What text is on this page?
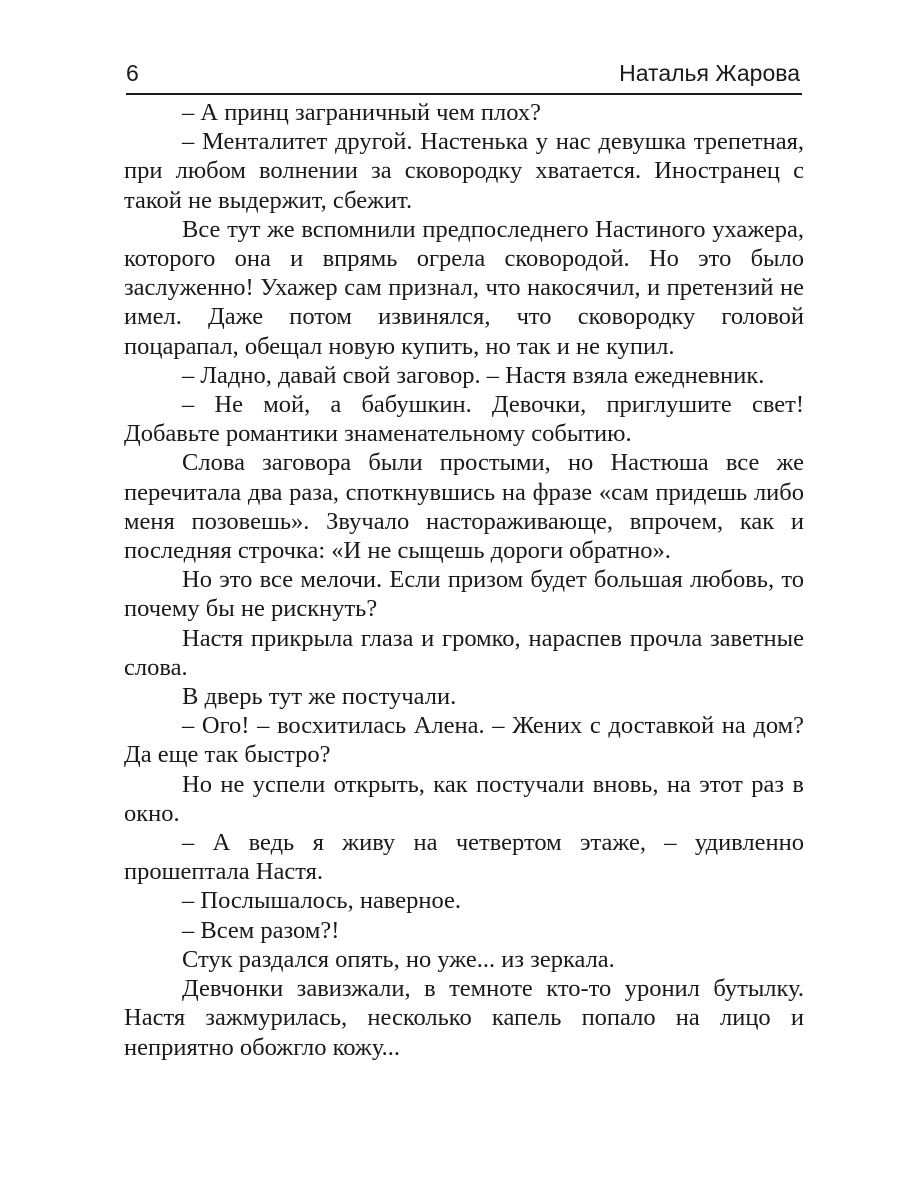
6	Наталья Жарова

– А принц заграничный чем плох?

– Менталитет другой. Настенька у нас девушка трепетная, при любом волнении за сковородку хватается. Иностранец с такой не выдержит, сбежит.

Все тут же вспомнили предпоследнего Настиного ухажера, которого она и впрямь огрела сковородой. Но это было заслуженно! Ухажер сам признал, что накосячил, и претензий не имел. Даже потом извинялся, что сковородку головой поцарапал, обещал новую купить, но так и не купил.

– Ладно, давай свой заговор. – Настя взяла ежедневник.

– Не мой, а бабушкин. Девочки, приглушите свет! Добавьте романтики знаменательному событию.

Слова заговора были простыми, но Настюша все же перечитала два раза, споткнувшись на фразе «сам придешь либо меня позовешь». Звучало настораживающе, впрочем, как и последняя строчка: «И не сыщешь дороги обратно».

Но это все мелочи. Если призом будет большая любовь, то почему бы не рискнуть?

Настя прикрыла глаза и громко, нараспев прочла заветные слова.

В дверь тут же постучали.

– Ого! – восхитилась Алена. – Жених с доставкой на дом? Да еще так быстро?

Но не успели открыть, как постучали вновь, на этот раз в окно.

– А ведь я живу на четвертом этаже, – удивленно прошептала Настя.

– Послышалось, наверное.

– Всем разом?!

Стук раздался опять, но уже... из зеркала.

Девчонки завизжали, в темноте кто-то уронил бутылку. Настя зажмурилась, несколько капель попало на лицо и неприятно обожгло кожу...
